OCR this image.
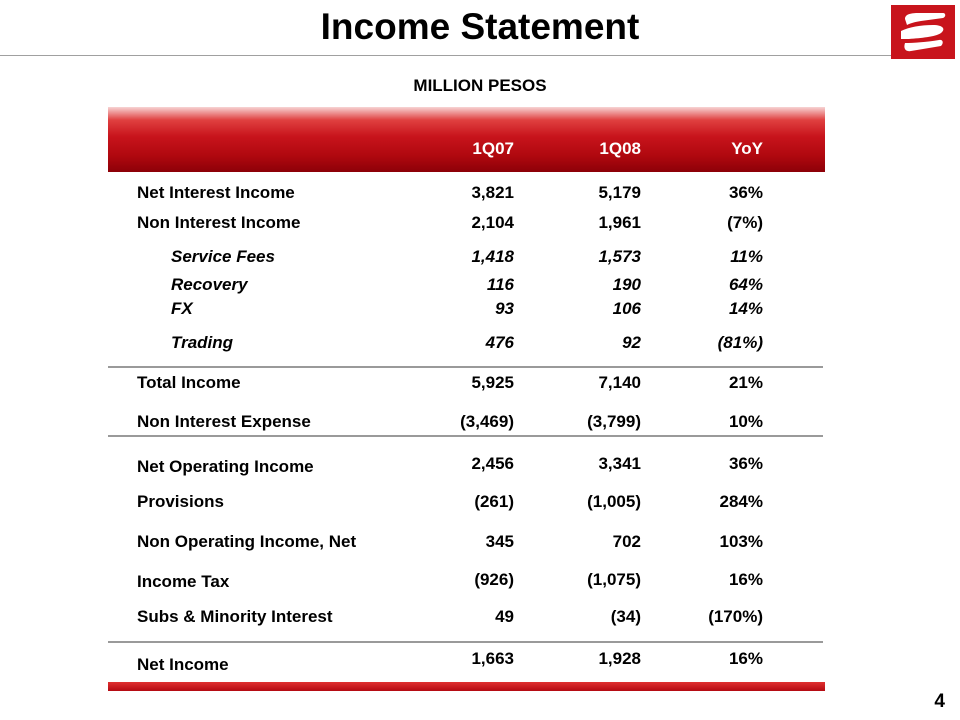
Income Statement
MILLION PESOS
1Q07	1Q08	YoY
Net Interest Income	3,821	5,179	36%
Non Interest Income	2,104	1,961	(7%)
Service Fees	1,418	1,573	11%
Recovery	116	190	64%
FX	93	106	14%
Trading	476	92	(81%)
Total Income	5,925	7,140	21%
Non Interest Expense	(3,469)	(3,799)	10%
Net Operating Income	2,456	3,341	36%
Provisions	(261)	(1,005)	284%
Non Operating Income, Net	345	702	103%
Income Tax	(926)	(1,075)	16%
Subs & Minority Interest	49	(34)	(170%)
Net Income	1,663	1,928	16%
4
